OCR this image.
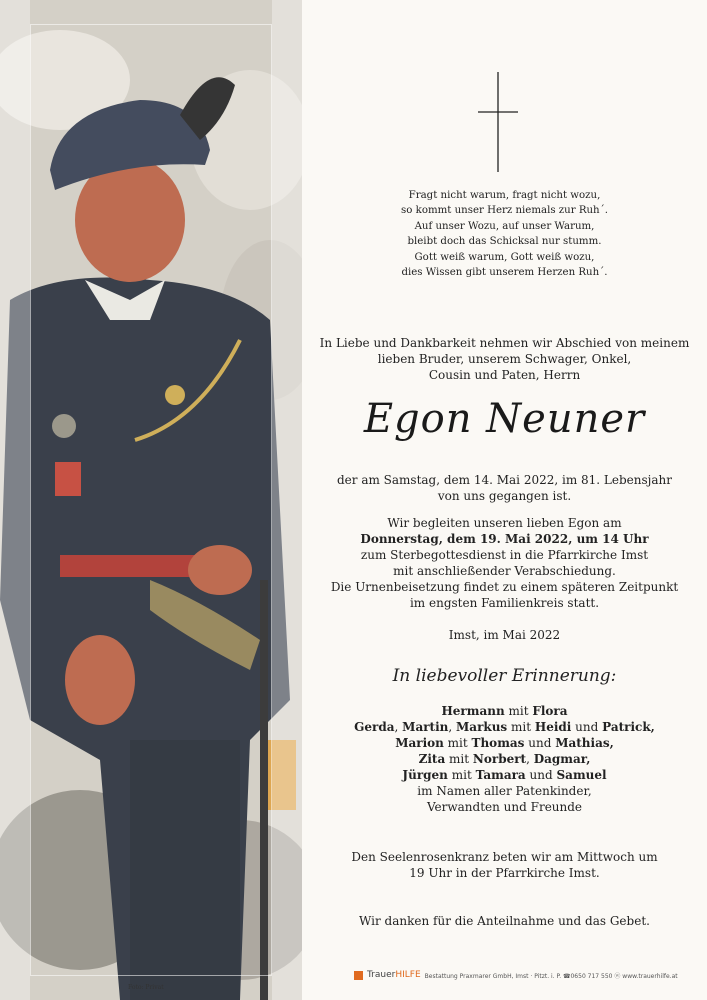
Foto: Privat
Fragt nicht warum, fragt nicht wozu,
so kommt unser Herz niemals zur Ruh´.
Auf unser Wozu, auf unser Warum,
bleibt doch das Schicksal nur stumm.
Gott weiß warum, Gott weiß wozu,
dies Wissen gibt unserem Herzen Ruh´.
In Liebe und Dankbarkeit nehmen wir Abschied von meinem
lieben Bruder, unserem Schwager, Onkel,
Cousin und Paten, Herrn
Egon Neuner
der am Samstag, dem 14. Mai 2022, im 81. Lebensjahr
von uns gegangen ist.
Wir begleiten unseren lieben Egon am
Donnerstag, dem 19. Mai 2022, um 14 Uhr
zum Sterbegottesdienst in die Pfarrkirche Imst
mit anschließender Verabschiedung.
Die Urnenbeisetzung findet zu einem späteren Zeitpunkt
im engsten Familienkreis statt.
Imst, im Mai 2022
In liebevoller Erinnerung:
Hermann mit Flora
Gerda, Martin, Markus mit Heidi und Patrick,
Marion mit Thomas und Mathias,
Zita mit Norbert, Dagmar,
Jürgen mit Tamara und Samuel
im Namen aller Patenkinder,
Verwandten und Freunde
Den Seelenrosenkranz beten wir am Mittwoch um
19 Uhr in der Pfarrkirche Imst.
Wir danken für die Anteilnahme und das Gebet.
TrauerHILFE Bestattung Praxmarer GmbH, Imst · Pitzt. i. P. ☎0650 717 550 ⓦ www.trauerhilfe.at
